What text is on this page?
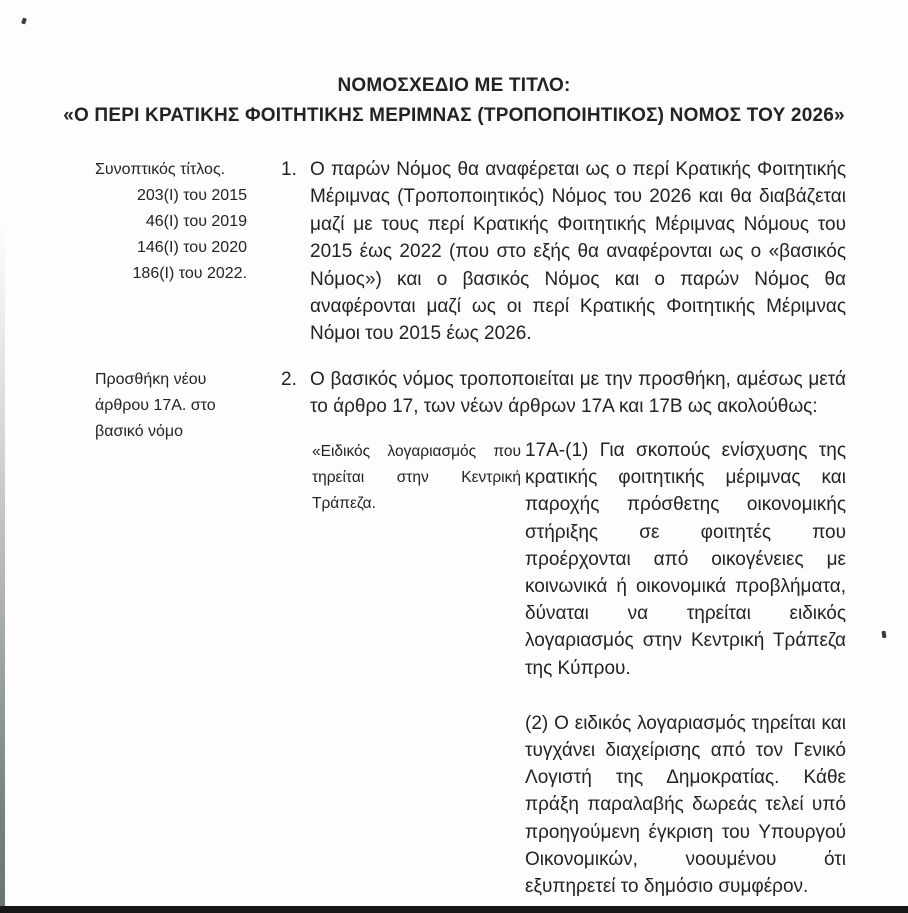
ΝΟΜΟΣΧΕΔΙΟ ΜΕ ΤΙΤΛΟ:
«Ο ΠΕΡΙ ΚΡΑΤΙΚΗΣ ΦΟΙΤΗΤΙΚΗΣ ΜΕΡΙΜΝΑΣ (ΤΡΟΠΟΠΟΙΗΤΙΚΟΣ) ΝΟΜΟΣ ΤΟΥ 2026»
Συνοπτικός τίτλος.
203(Ι) του 2015
46(Ι) του 2019
146(Ι) του 2020
186(Ι) του 2022.
1. Ο παρών Νόμος θα αναφέρεται ως ο περί Κρατικής Φοιτητικής Μέριμνας (Τροποποιητικός) Νόμος του 2026 και θα διαβάζεται μαζί με τους περί Κρατικής Φοιτητικής Μέριμνας Νόμους του 2015 έως 2022 (που στο εξής θα αναφέρονται ως ο «βασικός Νόμος») και ο βασικός Νόμος και ο παρών Νόμος θα αναφέρονται μαζί ως οι περί Κρατικής Φοιτητικής Μέριμνας Νόμοι του 2015 έως 2026.
Προσθήκη νέου
άρθρου 17Α. στο
βασικό νόμο
2. Ο βασικός νόμος τροποποιείται με την προσθήκη, αμέσως μετά το άρθρο 17, των νέων άρθρων 17Α και 17Β ως ακολούθως:
«Ειδικός λογαριασμός που τηρείται στην Κεντρική Τράπεζα.

17Α-(1) Για σκοπούς ενίσχυσης της κρατικής φοιτητικής μέριμνας και παροχής πρόσθετης οικονομικής στήριξης σε φοιτητές που προέρχονται από οικογένειες με κοινωνικά ή οικονομικά προβλήματα, δύναται να τηρείται ειδικός λογαριασμός στην Κεντρική Τράπεζα της Κύπρου.

(2) Ο ειδικός λογαριασμός τηρείται και τυγχάνει διαχείρισης από τον Γενικό Λογιστή της Δημοκρατίας. Κάθε πράξη παραλαβής δωρεάς τελεί υπό προηγούμενη έγκριση του Υπουργού Οικονομικών, νοουμένου ότι εξυπηρετεί το δημόσιο συμφέρον.
